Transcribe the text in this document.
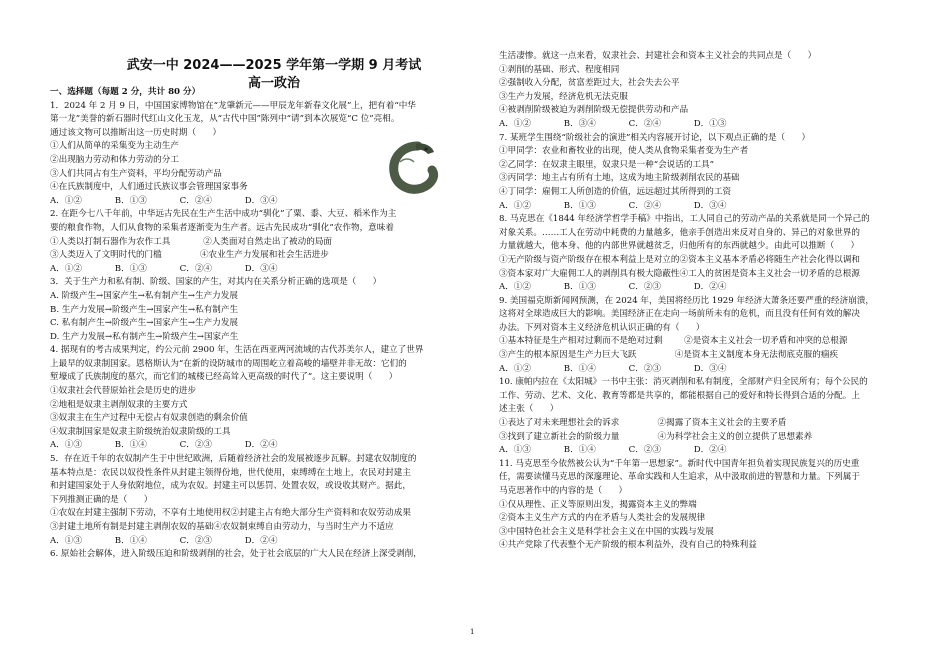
武安一中 2024——2025 学年第一学期 9 月考试
高一政治
一、选择题（每题 2 分，共计 80 分）
1．2024 年 2 月 9 日，中国国家博物馆在“龙肇新元——甲辰龙年新春文化展”上，把有着“中华
第一龙”美誉的新石器时代红山文化玉龙，从“古代中国”陈列中“请”到本次展览“C 位”亮相。
通过该文物可以推断出这一历史时期（      ）
①人们从简单的采集变为主动生产
②出现脑力劳动和体力劳动的分工
③人们共同占有生产资料，平均分配劳动产品
④在氏族制度中，人们通过氏族议事会管理国家事务
A．①②            B．①③            C．②④            D．③④
2. 在距今七八千年前，中华远古先民在生产生活中成功“驯化”了粟、黍、大豆、稻米作为主
要的粮食作物，人们从食物的采集者逐渐变为生产者。远古先民成功“驯化”农作物，意味着
①人类以打制石器作为农作工具            ②人类面对自然走出了被动的局面
③人类迈入了文明时代的门槛              ④农业生产力发展和社会生活进步
A．①②            B．①③            C．②④            D．③④
3．关于生产力和私有制、阶级、国家的产生，对其内在关系分析正确的选项是（      ）
A. 阶级产生→国家产生→私有制产生→生产力发展
B. 生产力发展→阶级产生→国家产生→私有制产生
C. 私有制产生→阶级产生→国家产生→生产力发展
D. 生产力发展→私有制产生→阶级产生→国家产生
4. 据现有的考古成果判定，约公元前 2900 年，生活在西亚两河流域的古代苏美尔人，建立了世界
上最早的奴隶制国家。恩格斯认为“在新的设防城市的周围屹立着高峻的墙壁并非无故：它们的
堑壕成了氏族制度的墓穴，而它们的城楼已经高耸入更高级的时代了”。这主要说明（      ）
①奴隶社会代替原始社会是历史的进步
②地租是奴隶主剥削奴隶的主要方式
③奴隶主在生产过程中无偿占有奴隶创造的剩余价值
④奴隶制国家是奴隶主阶级统治奴隶阶级的工具
A．①③            B．①④            C．②③            D．②④
5．存在近千年的农奴制产生于中世纪欧洲，后随着经济社会的发展被逐步瓦解。封建农奴制度的
基本特点是：农民以奴役性条件从封建主领得份地，世代使用，束缚缚在土地上，农民对封建主
和封建国家处于人身依附地位，成为农奴。封建主可以惩罚、处置农奴，或设收其财产。据此，
下列推测正确的是（      ）
①农奴在封建主强制下劳动，不享有土地使用权②封建主占有绝大部分生产资料和农奴劳动成果
③封建土地所有制是封建主剥削农奴的基础④农奴制束缚自由劳动力，与当时生产力不适应
A．①③            B．①④            C．②③            D．②④
6. 原始社会解体，进入阶级压迫和阶级剥削的社会，处于社会底层的广大人民在经济上深受剥削，
生活凄惨。就这一点来看，奴隶社会、封建社会和资本主义社会的共同点是（      ）
①剥削的基础、形式、程度相同
②强制收入分配，贫富差距过大，社会失去公平
③生产力发展，经济危机无法克服
④被剥削阶级被迫为剥削阶级无偿提供劳动和产品
A．①②            B．③④            C．②④            D．①③
7. 某班学生围绕“阶级社会的演进”相关内容展开讨论，以下观点正确的是（      ）
①甲同学：农业和畜牧业的出现，使人类从食物采集者变为生产者
②乙同学：在奴隶主眼里，奴隶只是一种“会说话的工具”
③丙同学：地主占有所有土地，这成为地主阶级剥削农民的基础
④丁同学：雇佣工人所创造的价值，远远超过其所得到的工资
A．①②            B．①③            C．②④            D．③④
8. 马克思在《1844 年经济学哲学手稿》中指出，工人同自己的劳动产品的关系就是同一个异己的
对象关系。……工人在劳动中耗费的力量越多，他亲手创造出来反对自身的、异己的对象世界的
力量就越大，他本身、他的内部世界就越贫乏，归他所有的东西就越少。由此可以推断（      ）
①无产阶级与资产阶级存在根本利益上是对立的②资本主义基本矛盾必将随生产社会化得以调和
③资本家对广大雇佣工人的剥削具有极大隐蔽性④工人的贫困是资本主义社会一切矛盾的总根源
A．①②            B．①③            C．②③            D．②④
9. 美国福克斯新闻网预测，在 2024 年，美国将经历比 1929 年经济大萧条还要严重的经济崩溃，
这将对全球造成巨大的影响。美国经济正在走向一场前所未有的危机，而且没有任何有效的解决
办法。下列对资本主义经济危机认识正确的有（      ）
①基本特征是生产相对过剩而不是绝对过剩        ②是资本主义社会一切矛盾和冲突的总根源
③产生的根本原因是生产力巨大飞跃              ④是资本主义制度本身无法彻底克服的痼疾
A．①②            B．①④            C．②③            D．③④
10. 康帕内拉在《太阳城》一书中主张：消灭剥削和私有制度，全部财产归全民所有；每个公民的
工作、劳动、艺术、文化、教育等都是共享的，都能根据自己的爱好和特长得到合适的分配。上
述主张（      ）
①表达了对未来理想社会的诉求              ②揭露了资本主义社会的主要矛盾
③找到了建立新社会的阶级力量              ④为科学社会主义的创立提供了思想素养
A．①③            B．①④            C．②③            D．②④
11. 马克思至今依然被公认为“千年第一思想家”。新时代中国青年担负着实现民族复兴的历史重
任，需要读懂马克思的深邃理论、革命实践和人生追求，从中汲取前进的智慧和力量。下列属于
马克思著作中的内容的是（      ）
①仅从理性、正义等原则出发，揭露资本主义的弊端
②资本主义生产方式的内在矛盾与人类社会的发展规律
③中国特色社会主义是科学社会主义在中国的实践与发展
④共产党除了代表整个无产阶级的根本利益外，没有自己的特殊利益
1
